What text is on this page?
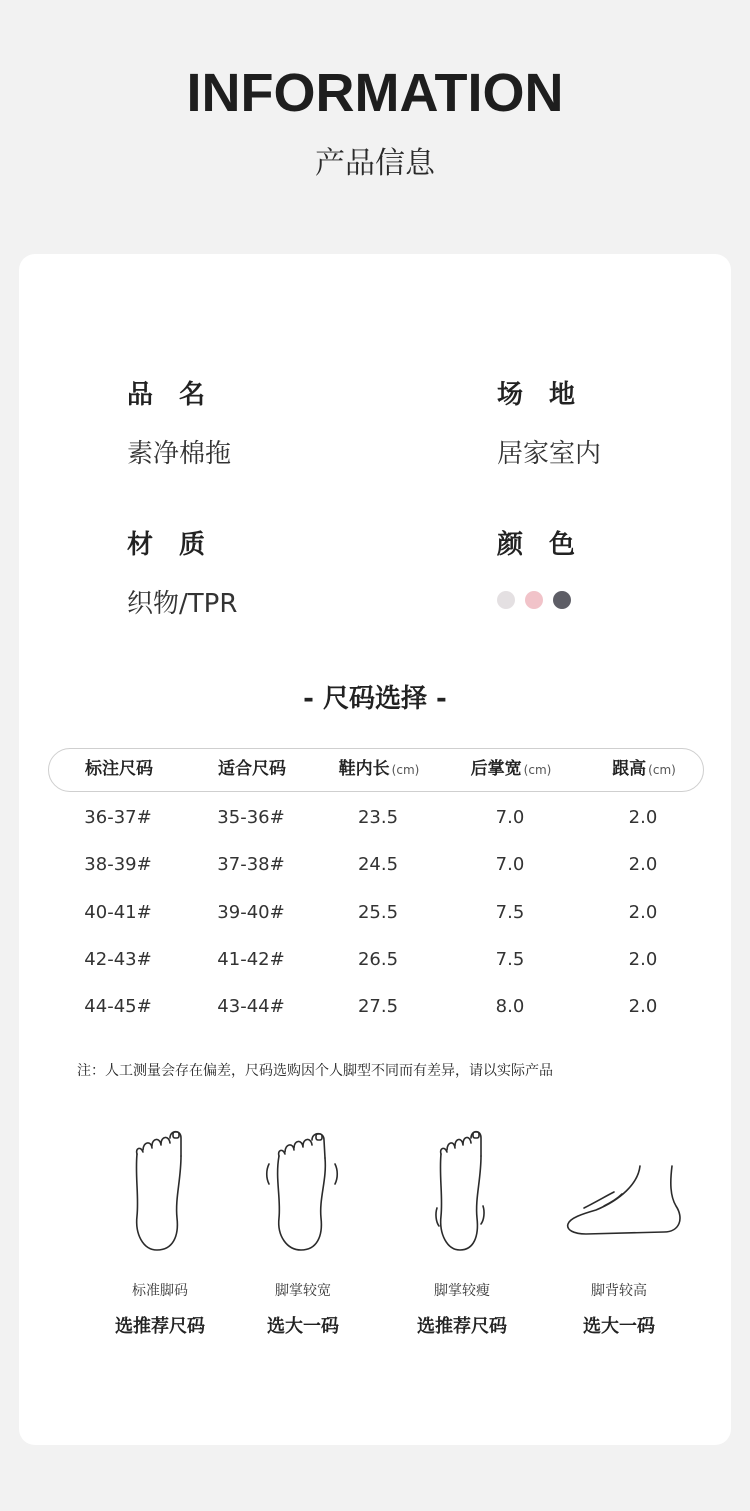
INFORMATION
产品信息
品　名
素净棉拖
场　地
居家室内
材　质
织物/TPR
颜　色
- 尺码选择 -
标注尺码	适合尺码	鞋内长 (cm)	后掌宽 (cm)	跟高 (cm)
36-37#	35-36#	23.5	7.0	2.0
38-39#	37-38#	24.5	7.0	2.0
40-41#	39-40#	25.5	7.5	2.0
42-43#	41-42#	26.5	7.5	2.0
44-45#	43-44#	27.5	8.0	2.0
注：人工测量会存在偏差，尺码选购因个人脚型不同而有差异，请以实际产品
标准脚码
选推荐尺码
脚掌较宽
选大一码
脚掌较瘦
选推荐尺码
脚背较高
选大一码
